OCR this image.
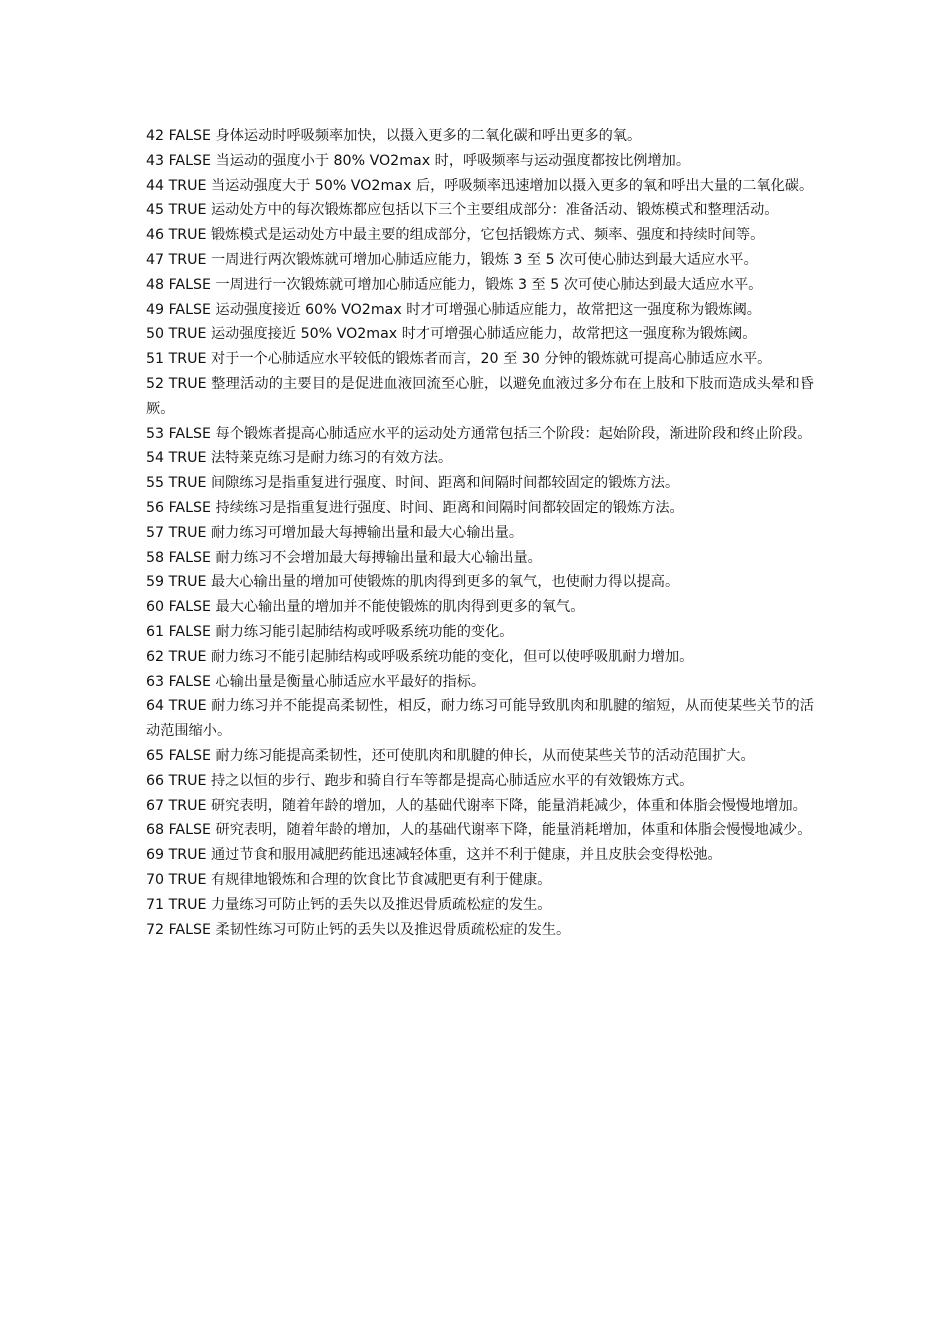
42 FALSE 身体运动时呼吸频率加快，以摄入更多的二氧化碳和呼出更多的氧。

43 FALSE 当运动的强度小于 80% VO2max 时，呼吸频率与运动强度都按比例增加。

44 TRUE 当运动强度大于 50% VO2max 后，呼吸频率迅速增加以摄入更多的氧和呼出大量的二氧化碳。

45 TRUE 运动处方中的每次锻炼都应包括以下三个主要组成部分：准备活动、锻炼模式和整理活动。

46 TRUE 锻炼模式是运动处方中最主要的组成部分，它包括锻炼方式、频率、强度和持续时间等。

47 TRUE 一周进行两次锻炼就可增加心肺适应能力，锻炼 3 至 5 次可使心肺达到最大适应水平。

48 FALSE 一周进行一次锻炼就可增加心肺适应能力，锻炼 3 至 5 次可使心肺达到最大适应水平。

49 FALSE 运动强度接近 60% VO2max 时才可增强心肺适应能力，故常把这一强度称为锻炼阈。

50 TRUE 运动强度接近 50% VO2max 时才可增强心肺适应能力，故常把这一强度称为锻炼阈。

51 TRUE 对于一个心肺适应水平较低的锻炼者而言，20 至 30 分钟的锻炼就可提高心肺适应水平。

52 TRUE 整理活动的主要目的是促进血液回流至心脏，以避免血液过多分布在上肢和下肢而造成头晕和昏厥。

53 FALSE 每个锻炼者提高心肺适应水平的运动处方通常包括三个阶段：起始阶段，渐进阶段和终止阶段。

54 TRUE 法特莱克练习是耐力练习的有效方法。

55 TRUE 间隙练习是指重复进行强度、时间、距离和间隔时间都较固定的锻炼方法。

56 FALSE 持续练习是指重复进行强度、时间、距离和间隔时间都较固定的锻炼方法。

57 TRUE 耐力练习可增加最大每搏输出量和最大心输出量。

58 FALSE 耐力练习不会增加最大每搏输出量和最大心输出量。

59 TRUE 最大心输出量的增加可使锻炼的肌肉得到更多的氧气，也使耐力得以提高。

60 FALSE 最大心输出量的增加并不能使锻炼的肌肉得到更多的氧气。

61 FALSE 耐力练习能引起肺结构或呼吸系统功能的变化。

62 TRUE 耐力练习不能引起肺结构或呼吸系统功能的变化，但可以使呼吸肌耐力增加。

63 FALSE 心输出量是衡量心肺适应水平最好的指标。

64 TRUE 耐力练习并不能提高柔韧性，相反，耐力练习可能导致肌肉和肌腱的缩短，从而使某些关节的活动范围缩小。

65 FALSE 耐力练习能提高柔韧性，还可使肌肉和肌腱的伸长，从而使某些关节的活动范围扩大。

66 TRUE 持之以恒的步行、跑步和骑自行车等都是提高心肺适应水平的有效锻炼方式。

67 TRUE 研究表明，随着年龄的增加，人的基础代谢率下降，能量消耗减少，体重和体脂会慢慢地增加。

68 FALSE 研究表明，随着年龄的增加，人的基础代谢率下降，能量消耗增加，体重和体脂会慢慢地减少。

69 TRUE 通过节食和服用减肥药能迅速减轻体重，这并不利于健康，并且皮肤会变得松弛。

70 TRUE 有规律地锻炼和合理的饮食比节食减肥更有利于健康。

71 TRUE 力量练习可防止钙的丢失以及推迟骨质疏松症的发生。

72 FALSE 柔韧性练习可防止钙的丢失以及推迟骨质疏松症的发生。
